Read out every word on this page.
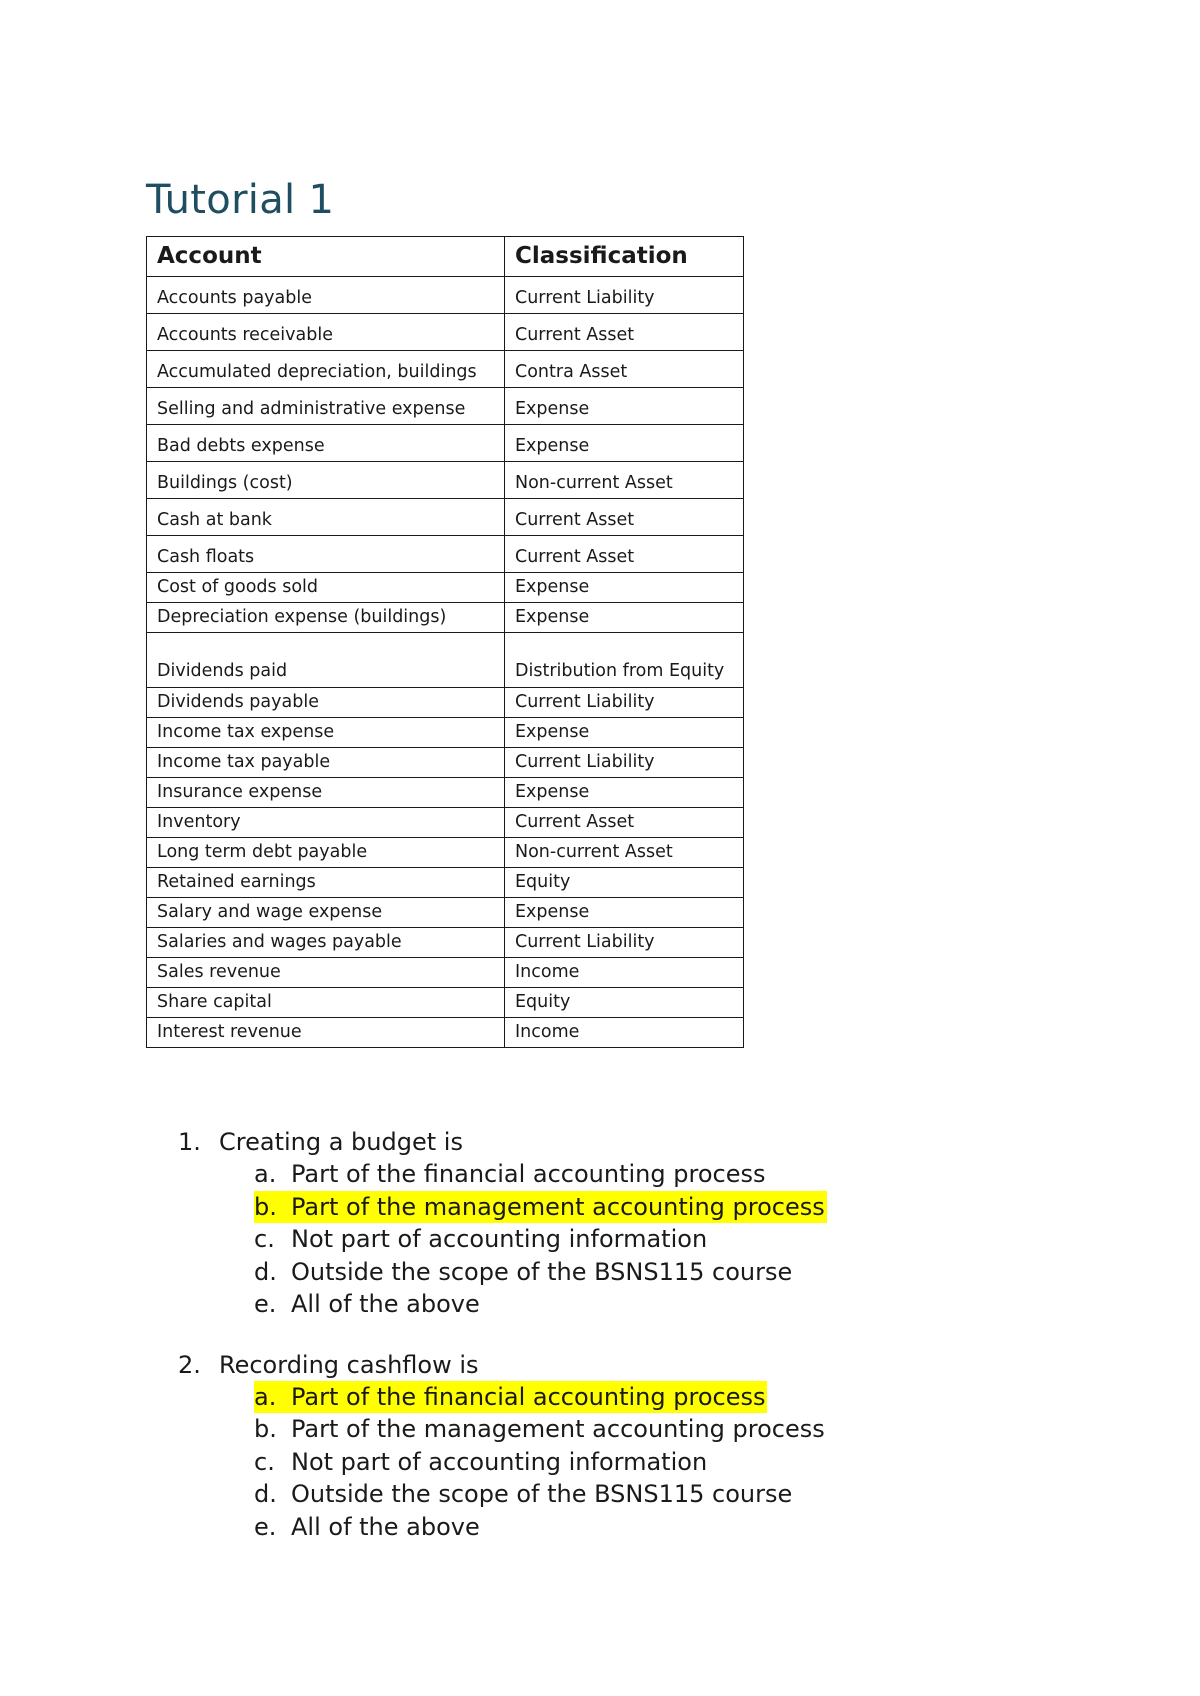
Tutorial 1
Account	Classification
Accounts payable	Current Liability
Accounts receivable	Current Asset
Accumulated depreciation, buildings	Contra Asset
Selling and administrative expense	Expense
Bad debts expense	Expense
Buildings (cost)	Non-current Asset
Cash at bank	Current Asset
Cash floats	Current Asset
Cost of goods sold	Expense
Depreciation expense (buildings)	Expense
Dividends paid	Distribution from Equity
Dividends payable	Current Liability
Income tax expense	Expense
Income tax payable	Current Liability
Insurance expense	Expense
Inventory	Current Asset
Long term debt payable	Non-current Asset
Retained earnings	Equity
Salary and wage expense	Expense
Salaries and wages payable	Current Liability
Sales revenue	Income
Share capital	Equity
Interest revenue	Income
1. Creating a budget is
a. Part of the financial accounting process
b. Part of the management accounting process
c. Not part of accounting information
d. Outside the scope of the BSNS115 course
e. All of the above
2. Recording cashflow is
a. Part of the financial accounting process
b. Part of the management accounting process
c. Not part of accounting information
d. Outside the scope of the BSNS115 course
e. All of the above
